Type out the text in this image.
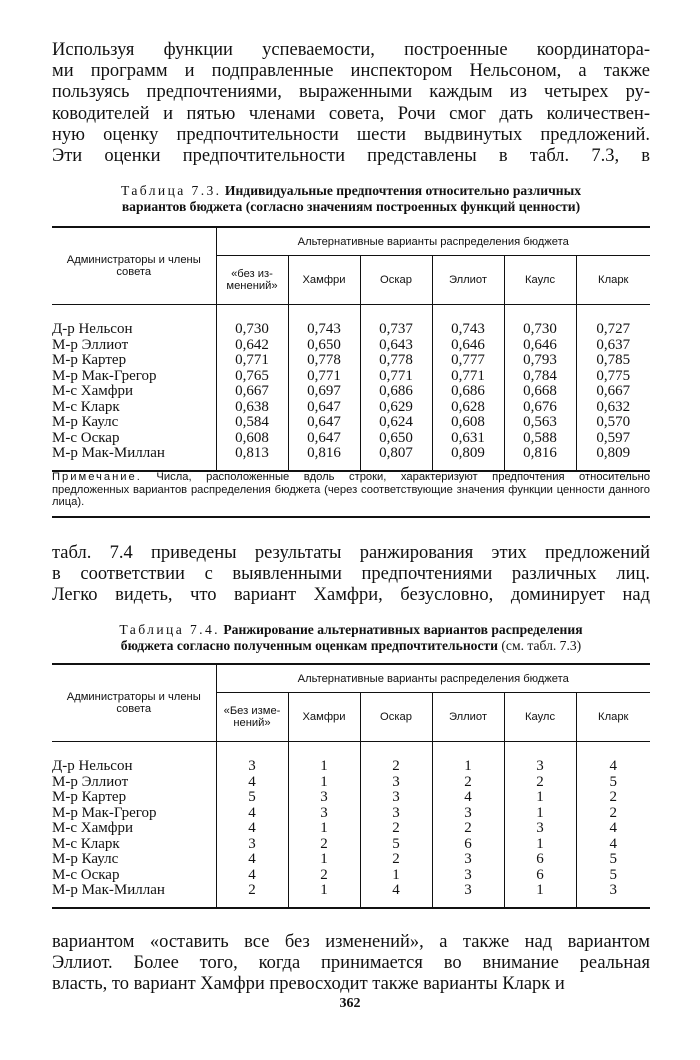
Используя функции успеваемости, построенные координатора-
ми программ и подправленные инспектором Нельсоном, а также
пользуясь предпочтениями, выраженными каждым из четырех ру-
ководителей и пятью членами совета, Рочи смог дать количествен-
ную оценку предпочтительности шести выдвинутых предложений.
Эти оценки предпочтительности представлены в табл. 7.3, в
Таблица 7.3. Индивидуальные предпочтения относительно различных
вариантов бюджета (согласно значениям построенных функций ценности)
Администраторы и члены совета	Альтернативные варианты распределения бюджета					
	«без из-менений»	Хамфри	Оскар	Эллиот	Каулс	Кларк

Д-р Нельсон	0,730	0,743	0,737	0,743	0,730	0,727
М-р Эллиот	0,642	0,650	0,643	0,646	0,646	0,637
М-р Картер	0,771	0,778	0,778	0,777	0,793	0,785
М-р Мак-Грегор	0,765	0,771	0,771	0,771	0,784	0,775
М-с Хамфри	0,667	0,697	0,686	0,686	0,668	0,667
М-с Кларк	0,638	0,647	0,629	0,628	0,676	0,632
М-р Каулс	0,584	0,647	0,624	0,608	0,563	0,570
М-с Оскар	0,608	0,647	0,650	0,631	0,588	0,597
М-р Мак-Миллан	0,813	0,816	0,807	0,809	0,816	0,809

Примечание. Числа, расположенные вдоль строки, характеризуют предпочтения относительно предложенных вариантов распределения бюджета (через соответствующие значения функции ценности данного лица).
табл. 7.4 приведены результаты ранжирования этих предложений
в соответствии с выявленными предпочтениями различных лиц.
Легко видеть, что вариант Хамфри, безусловно, доминирует над
Таблица 7.4. Ранжирование альтернативных вариантов распределения
бюджета согласно полученным оценкам предпочтительности (см. табл. 7.3)
Администраторы и члены совета	Альтернативные варианты распределения бюджета					
	«Без изме-нений»	Хамфри	Оскар	Эллиот	Каулс	Кларк

Д-р Нельсон	3	1	2	1	3	4
М-р Эллиот	4	1	3	2	2	5
М-р Картер	5	3	3	4	1	2
М-р Мак-Грегор	4	3	3	3	1	2
М-с Хамфри	4	1	2	2	3	4
М-с Кларк	3	2	5	6	1	4
М-р Каулс	4	1	2	3	6	5
М-с Оскар	4	2	1	3	6	5
М-р Мак-Миллан	2	1	4	3	1	3

вариантом «оставить все без изменений», а также над вариантом
Эллиот. Более того, когда принимается во внимание реальная
власть, то вариант Хамфри превосходит также варианты Кларк и
362
